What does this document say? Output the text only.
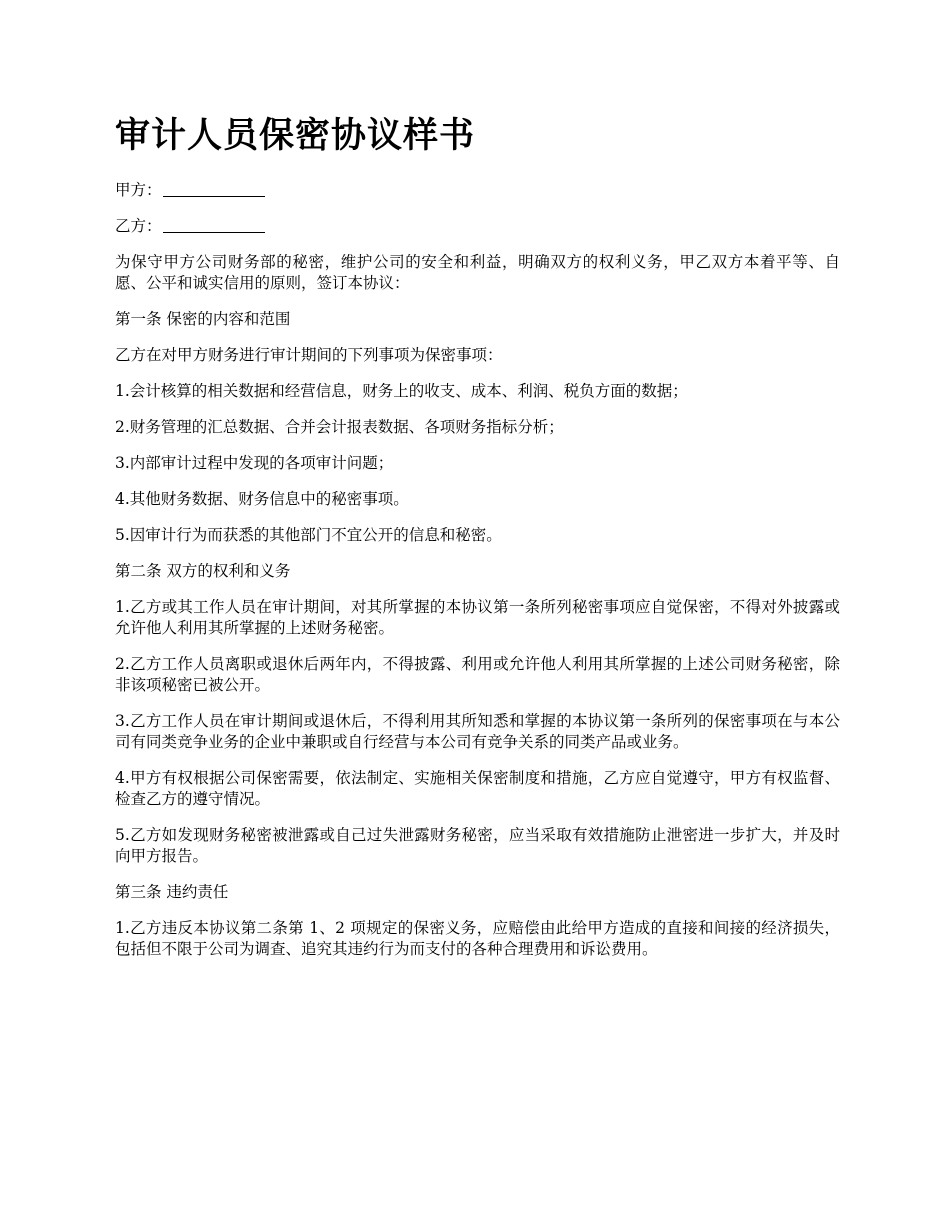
审计人员保密协议样书

甲方：

乙方：

为保守甲方公司财务部的秘密，维护公司的安全和利益，明确双方的权利义务，甲乙双方本着平等、自愿、公平和诚实信用的原则，签订本协议：

第一条 保密的内容和范围

乙方在对甲方财务进行审计期间的下列事项为保密事项：

1.会计核算的相关数据和经营信息，财务上的收支、成本、利润、税负方面的数据；

2.财务管理的汇总数据、合并会计报表数据、各项财务指标分析；

3.内部审计过程中发现的各项审计问题；

4.其他财务数据、财务信息中的秘密事项。

5.因审计行为而获悉的其他部门不宜公开的信息和秘密。

第二条 双方的权利和义务

1.乙方或其工作人员在审计期间，对其所掌握的本协议第一条所列秘密事项应自觉保密，不得对外披露或允许他人利用其所掌握的上述财务秘密。

2.乙方工作人员离职或退休后两年内，不得披露、利用或允许他人利用其所掌握的上述公司财务秘密，除非该项秘密已被公开。

3.乙方工作人员在审计期间或退休后，不得利用其所知悉和掌握的本协议第一条所列的保密事项在与本公司有同类竞争业务的企业中兼职或自行经营与本公司有竞争关系的同类产品或业务。

4.甲方有权根据公司保密需要，依法制定、实施相关保密制度和措施，乙方应自觉遵守，甲方有权监督、检查乙方的遵守情况。

5.乙方如发现财务秘密被泄露或自己过失泄露财务秘密，应当采取有效措施防止泄密进一步扩大，并及时向甲方报告。

第三条 违约责任

1.乙方违反本协议第二条第 1、2 项规定的保密义务，应赔偿由此给甲方造成的直接和间接的经济损失，包括但不限于公司为调查、追究其违约行为而支付的各种合理费用和诉讼费用。
